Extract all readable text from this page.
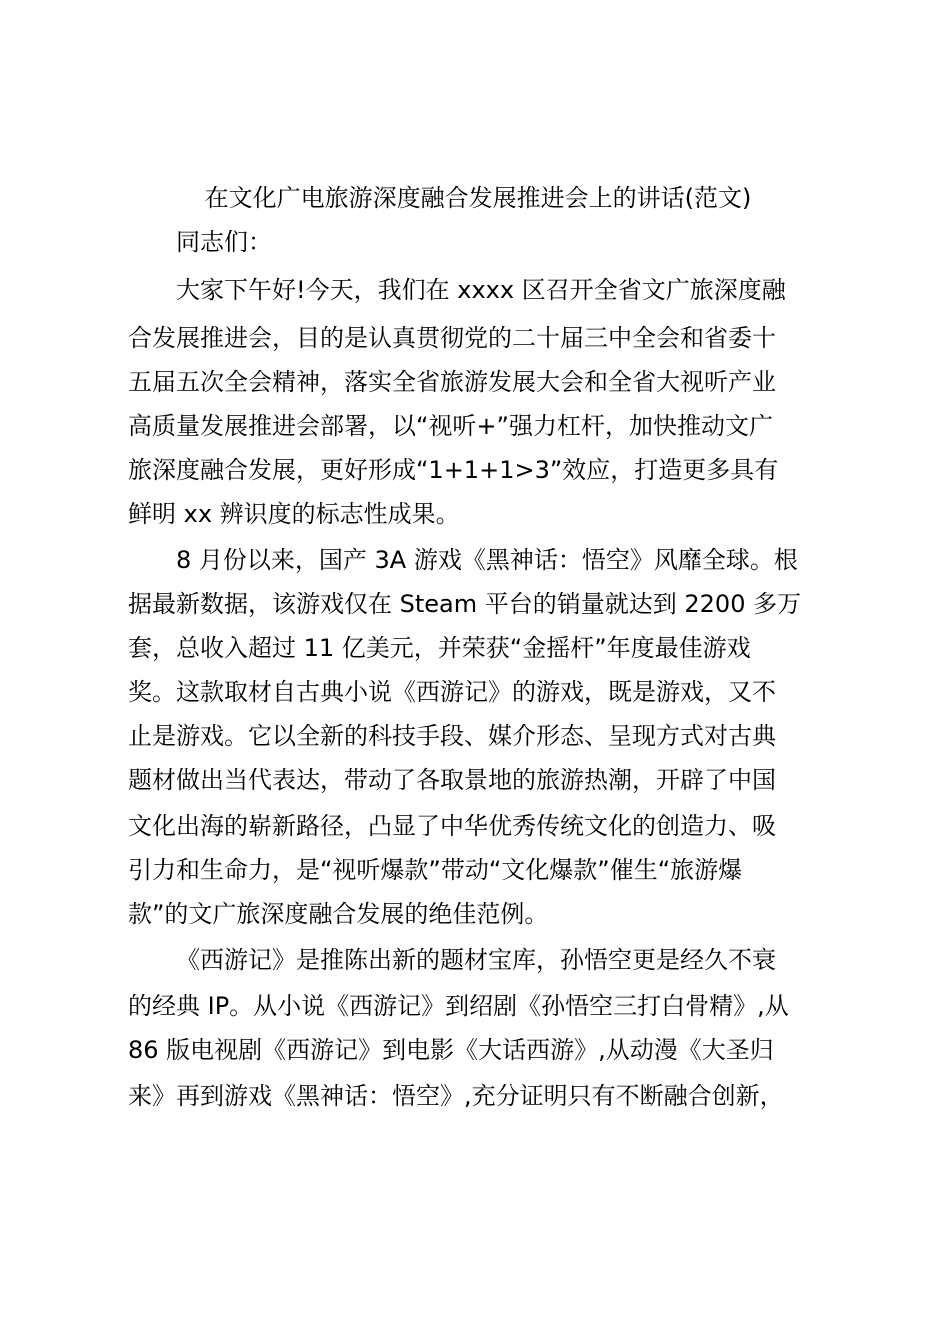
在文化广电旅游深度融合发展推进会上的讲话(范文)
同志们：
大家下午好!今天，我们在 xxxx 区召开全省文广旅深度融
合发展推进会，目的是认真贯彻党的二十届三中全会和省委十
五届五次全会精神，落实全省旅游发展大会和全省大视听产业
高质量发展推进会部署，以“视听+”强力杠杆，加快推动文广
旅深度融合发展，更好形成“1+1+1>3”效应，打造更多具有
鲜明 xx 辨识度的标志性成果。
8 月份以来，国产 3A 游戏《黑神话：悟空》风靡全球。根
据最新数据，该游戏仅在 Steam 平台的销量就达到 2200 多万
套，总收入超过 11 亿美元，并荣获“金摇杆”年度最佳游戏
奖。这款取材自古典小说《西游记》的游戏，既是游戏，又不
止是游戏。它以全新的科技手段、媒介形态、呈现方式对古典
题材做出当代表达，带动了各取景地的旅游热潮，开辟了中国
文化出海的崭新路径，凸显了中华优秀传统文化的创造力、吸
引力和生命力，是“视听爆款”带动“文化爆款”催生“旅游爆
款”的文广旅深度融合发展的绝佳范例。
《西游记》是推陈出新的题材宝库，孙悟空更是经久不衰
的经典 IP。从小说《西游记》到绍剧《孙悟空三打白骨精》,从
86 版电视剧《西游记》到电影《大话西游》,从动漫《大圣归
来》再到游戏《黑神话：悟空》,充分证明只有不断融合创新，
